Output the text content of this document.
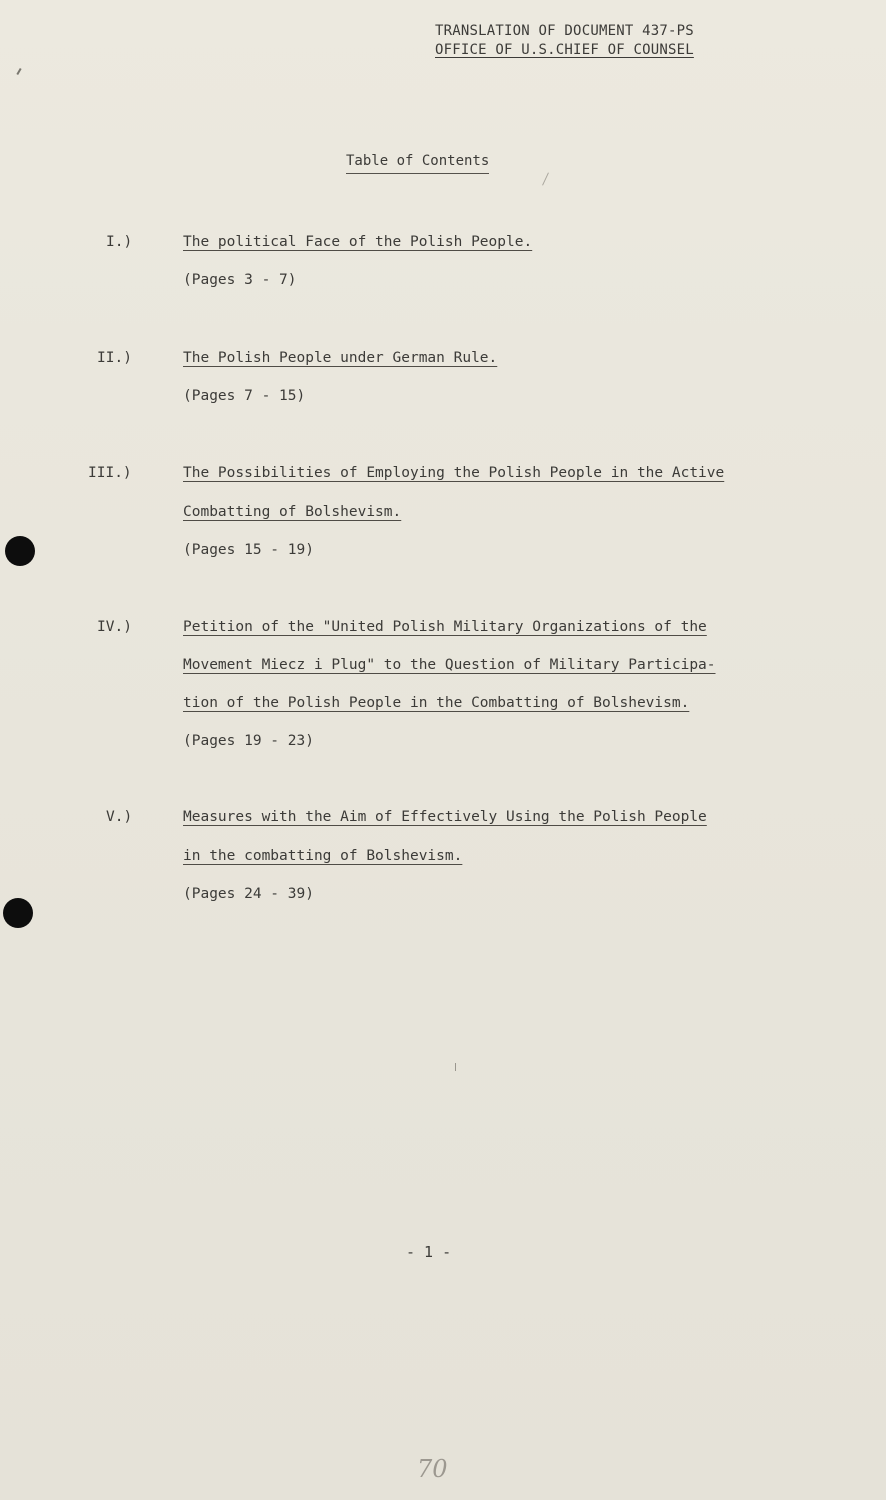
TRANSLATION OF DOCUMENT 437-PS
OFFICE OF U.S.CHIEF OF COUNSEL
Table of Contents
I.)	The political Face of the Polish People.
(Pages 3 - 7)
II.)	The Polish People under German Rule.
(Pages 7 - 15)
III.)	The Possibilities of Employing the Polish People in the Active
Combatting of Bolshevism.
(Pages 15 - 19)
IV.)	Petition of the "United Polish Military Organizations of the
Movement Miecz i Plug" to the Question of Military Participa-
tion of the Polish People in the Combatting of Bolshevism.
(Pages 19 - 23)
V.)	Measures with the Aim of Effectively Using the Polish People
in the combatting of Bolshevism.
(Pages 24 - 39)
- 1 -
70
